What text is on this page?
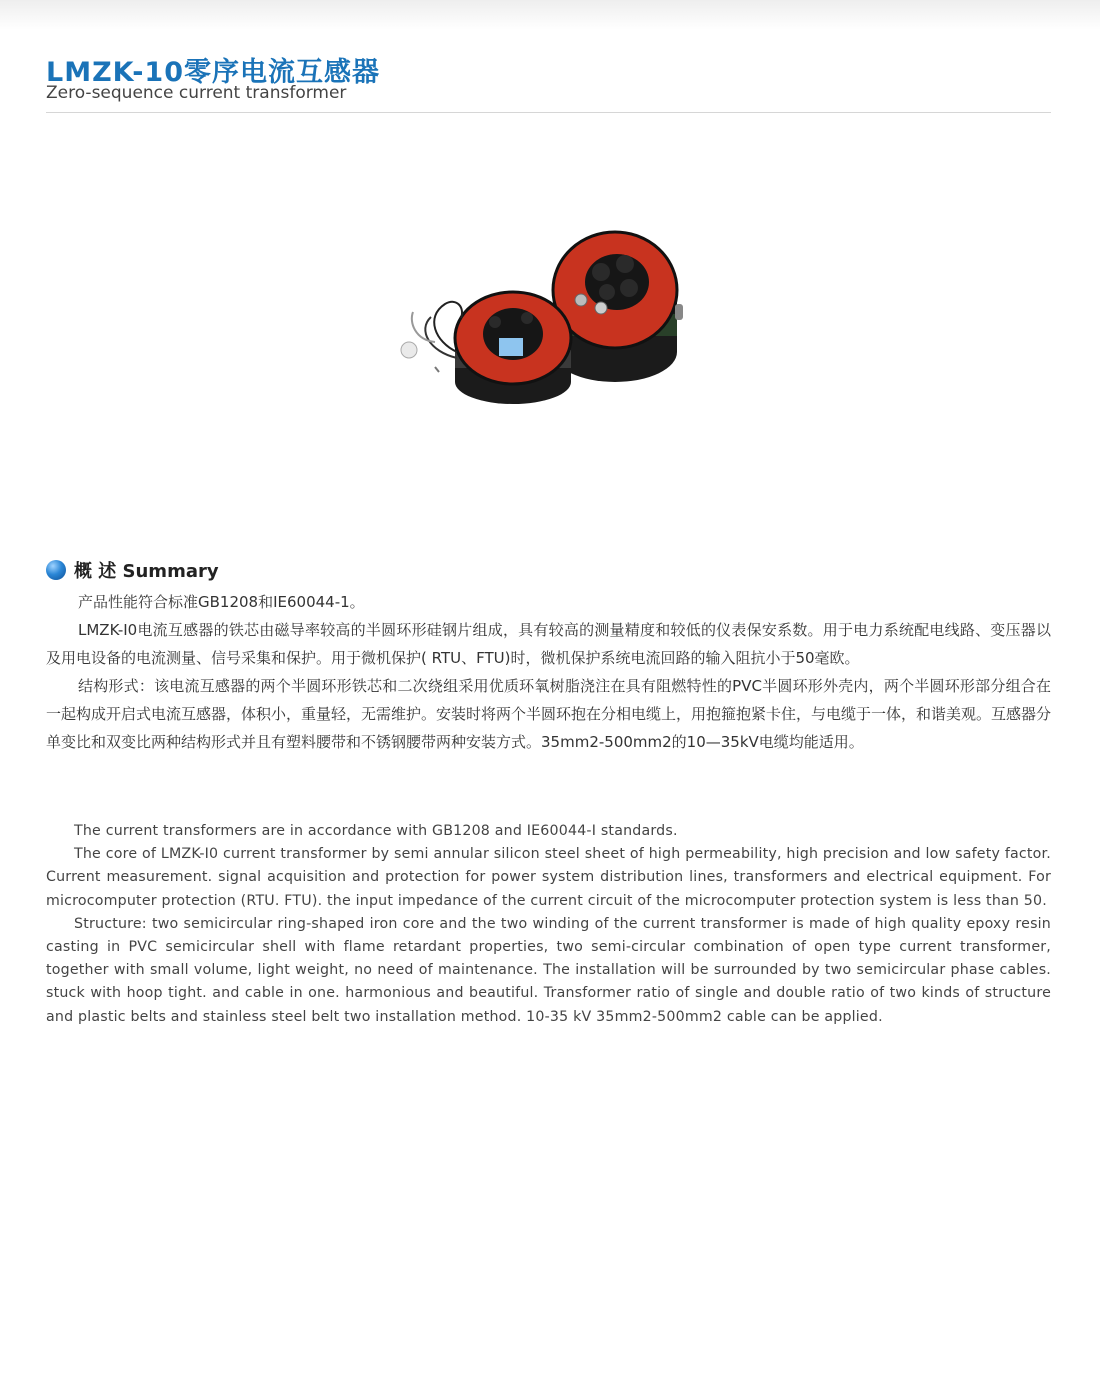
LMZK-10零序电流互感器
Zero-sequence current transformer
概 述 Summary

产品性能符合标准GB1208和IE60044-1。

LMZK-I0电流互感器的铁芯由磁导率较高的半圆环形硅钢片组成，具有较高的测量精度和较低的仪表保安系数。用于电力系统配电线路、变压器以及用电设备的电流测量、信号采集和保护。用于微机保护( RTU、FTU)时，微机保护系统电流回路的输入阻抗小于50毫欧。

结构形式：该电流互感器的两个半圆环形铁芯和二次绕组采用优质环氧树脂浇注在具有阻燃特性的PVC半圆环形外壳内，两个半圆环形部分组合在一起构成开启式电流互感器，体积小，重量轻，无需维护。安装时将两个半圆环抱在分相电缆上，用抱箍抱紧卡住，与电缆于一体，和谐美观。互感器分单变比和双变比两种结构形式并且有塑料腰带和不锈钢腰带两种安装方式。35mm2-500mm2的10—35kV电缆均能适用。

The current transformers are in accordance with GB1208 and IE60044-I standards.

The core of LMZK-I0 current transformer by semi annular silicon steel sheet of high permeability, high precision and low safety factor. Current measurement. signal acquisition and protection for power system distribution lines, transformers and electrical equipment. For microcomputer protection (RTU. FTU). the input impedance of the current circuit of the microcomputer protection system is less than 50.

Structure: two semicircular ring-shaped iron core and the two winding of the current transformer is made of high quality epoxy resin casting in PVC semicircular shell with flame retardant properties, two semi-circular combination of open type current transformer, together with small volume, light weight, no need of maintenance. The installation will be surrounded by two semicircular phase cables. stuck with hoop tight. and cable in one. harmonious and beautiful. Transformer ratio of single and double ratio of two kinds of structure and plastic belts and stainless steel belt two installation method. 10-35 kV 35mm2-500mm2 cable can be applied.
